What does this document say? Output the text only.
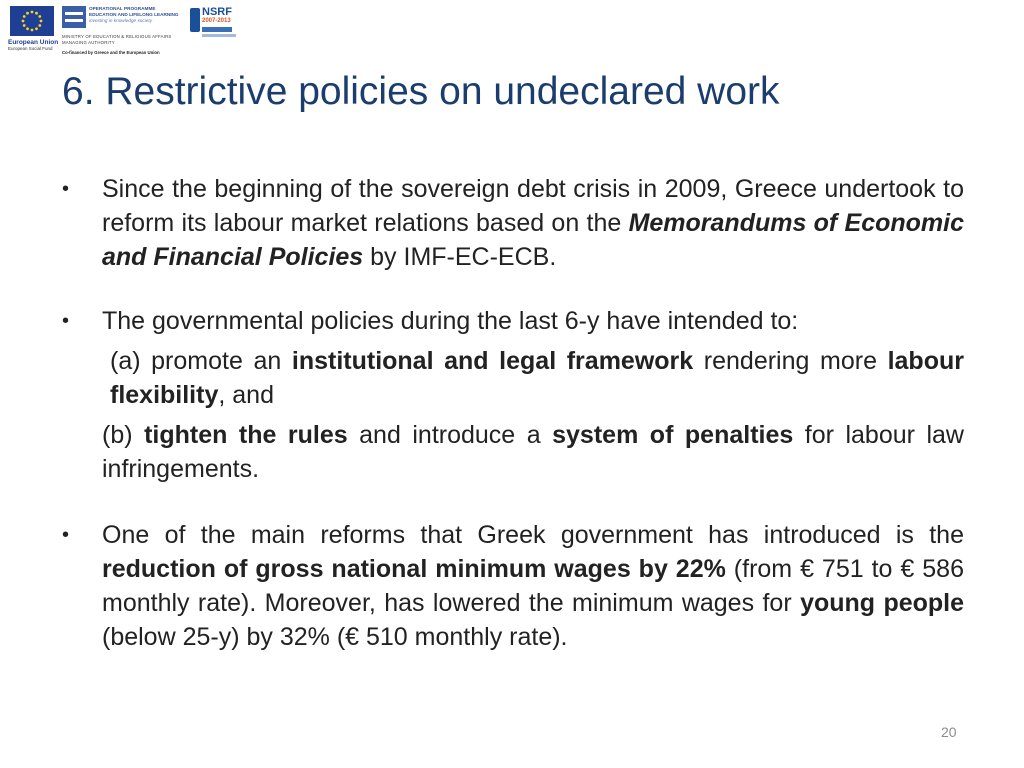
European Union
European Social Fund
OPERATIONAL PROGRAMME
EDUCATION AND LIFELONG LEARNING
investing in knowledge society
MINISTRY OF EDUCATION & RELIGIOUS AFFAIRS
MANAGING AUTHORITY
Co-financed by Greece and the European Union
NSRF
2007-2013
6. Restrictive policies on undeclared work
• Since the beginning of the sovereign debt crisis in 2009, Greece undertook to reform its labour market relations based on the Memorandums of Economic and Financial Policies by IMF-EC-ECB.
• The governmental policies during the last 6-y have intended to:
(a) promote an institutional and legal framework rendering more labour flexibility, and
(b) tighten the rules and introduce a system of penalties for labour law infringements.
• One of the main reforms that Greek government has introduced is the reduction of gross national minimum wages by 22% (from € 751 to € 586 monthly rate). Moreover, has lowered the minimum wages for young people (below 25-y) by 32% (€ 510 monthly rate).
20
